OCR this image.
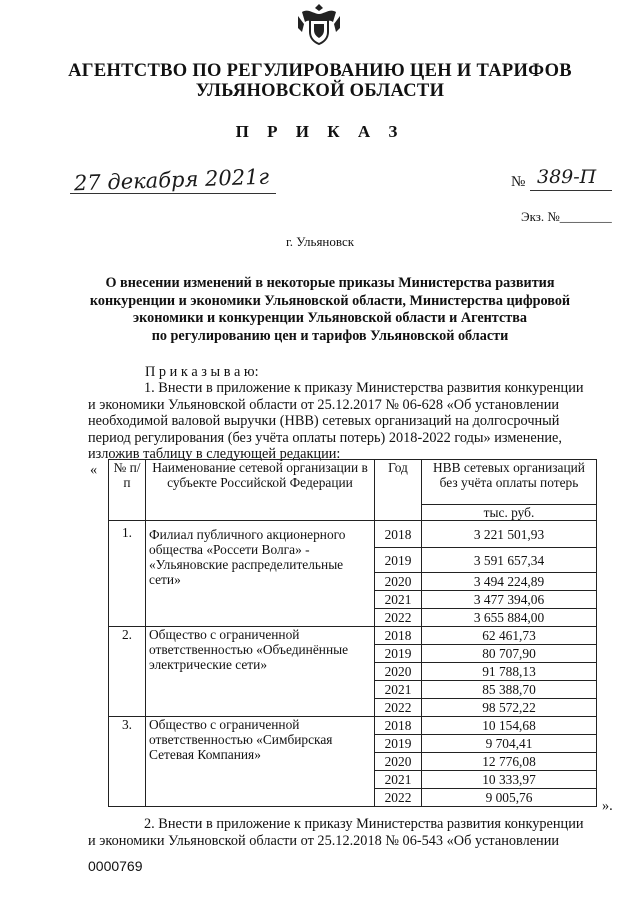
АГЕНТСТВО ПО РЕГУЛИРОВАНИЮ ЦЕН И ТАРИФОВ
УЛЬЯНОВСКОЙ ОБЛАСТИ
П Р И К А З
27 декабря 2021г	№ 389-П
Экз. №________
г. Ульяновск
О внесении изменений в некоторые приказы Министерства развития
конкуренции и экономики Ульяновской области, Министерства цифровой
экономики и конкуренции Ульяновской области и Агентства
по регулированию цен и тарифов Ульяновской области
П р и к а з ы в а ю:
1. Внести в приложение к приказу Министерства развития конкуренции
и экономики Ульяновской области от 25.12.2017 № 06-628 «Об установлении
необходимой валовой выручки (НВВ) сетевых организаций на долгосрочный
период регулирования (без учёта оплаты потерь) 2018-2022 годы» изменение,
изложив таблицу в следующей редакции:
« № п/п	Наименование сетевой организации в субъекте Российской Федерации	Год	НВВ сетевых организаций без учёта оплаты потерь
			тыс. руб.
1.	Филиал публичного акционерного общества «Россети Волга» - «Ульяновские распределительные сети»	2018	3 221 501,93
		2019	3 591 657,34
		2020	3 494 224,89
		2021	3 477 394,06
		2022	3 655 884,00
2.	Общество с ограниченной ответственностью «Объединённые электрические сети»	2018	62 461,73
		2019	80 707,90
		2020	91 788,13
		2021	85 388,70
		2022	98 572,22
3.	Общество с ограниченной ответственностью «Симбирская Сетевая Компания»	2018	10 154,68
		2019	9 704,41
		2020	12 776,08
		2021	10 333,97
		2022	9 005,76
».
2. Внести в приложение к приказу Министерства развития конкуренции
и экономики Ульяновской области от 25.12.2018 № 06-543 «Об установлении
0000769
